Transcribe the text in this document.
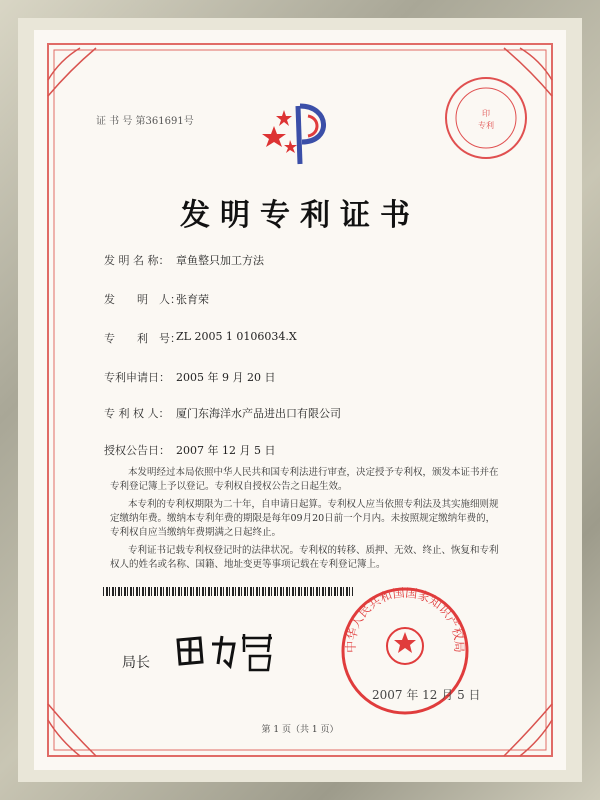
证 书 号 第361691号
印
专利
发明专利证书
发 明 名 称： 章鱼整只加工方法
发　　明　人：
张育荣
专　　利　号：
ZL 2005 1 0106034.X
专利申请日： 2005 年 9 月 20 日
专 利 权 人： 厦门东海洋水产品进出口有限公司
授权公告日： 2007 年 12 月 5 日
本发明经过本局依照中华人民共和国专利法进行审查，决定授予专利权，颁发本证书并在专利登记簿上予以登记。专利权自授权公告之日起生效。
本专利的专利权期限为二十年，自申请日起算。专利权人应当依照专利法及其实施细则规定缴纳年费。缴纳本专利年费的期限是每年09月20日前一个月内。未按照规定缴纳年费的，专利权自应当缴纳年费期满之日起终止。
专利证书记载专利权登记时的法律状况。专利权的转移、质押、无效、终止、恢复和专利权人的姓名或名称、国籍、地址变更等事项记载在专利登记簿上。
局长
中华人民共和国国家知识产权局
2007 年 12 月 5 日
第 1 页（共 1 页）
